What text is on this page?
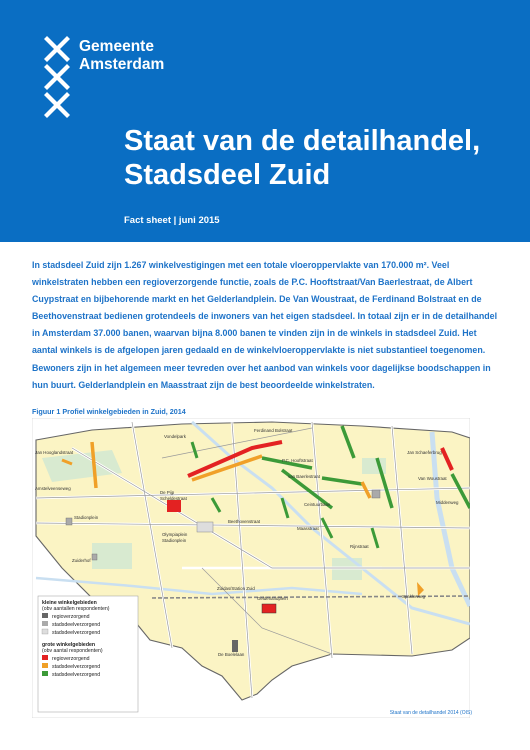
Gemeente
Amsterdam
Staat van de detailhandel,
Stadsdeel Zuid
Fact sheet | juni 2015
In stadsdeel Zuid zijn 1.267 winkelvestigingen met een totale vloeroppervlakte van 170.000 m². Veel winkelstraten hebben een regioverzorgende functie, zoals de P.C. Hooftstraat/Van Baerlestraat, de Albert Cuypstraat en bijbehorende markt en het Gelderlandplein. De Van Woustraat, de Ferdinand Bolstraat en de Beethovenstraat bedienen grotendeels de inwoners van het eigen stadsdeel. In totaal zijn er in de detailhandel in Amsterdam 37.000 banen, waarvan bijna 8.000 banen te vinden zijn in de winkels in stadsdeel Zuid. Het aantal winkels is de afgelopen jaren gedaald en de winkelvloeroppervlakte is niet substantieel toegenomen. Bewoners zijn in het algemeen meer tevreden over het aanbod van winkels voor dagelijkse boodschappen in hun buurt. Gelderlandplein en Maasstraat zijn de best beoordeelde winkelstraten.
Figuur 1 Profiel winkelgebieden in Zuid, 2014
Vondelpark
Ferdinand Bolstraat
P.C. Hooftstraat
van Baerlestraat
Jan Schaeferbrug
Van Woustraat
Jan Hooglandstraat
Amstelveenseweg
Stadionplein
Beethovenstraat
Ceintuurbaan
Maasstraat
Rijnstraat
Zuidas/Station Zuid
Gelderlandplein
Olympiaplein
Stadionplein
De Pijp
Scheldestraat
Zuiderhof
Spaklerweg
Middenweg
De Boelelaan
kleine winkelgebieden
(obv aantallen respondenten)
regioverzorgend
stadsdeelverzorgend
stadsdeelverzorgend
grote winkelgebieden
(obv aantal respondenten)
regioverzorgend
stadsdeelverzorgend
stadsdeelverzorgend
Staat van de detailhandel 2014 (OIS)
